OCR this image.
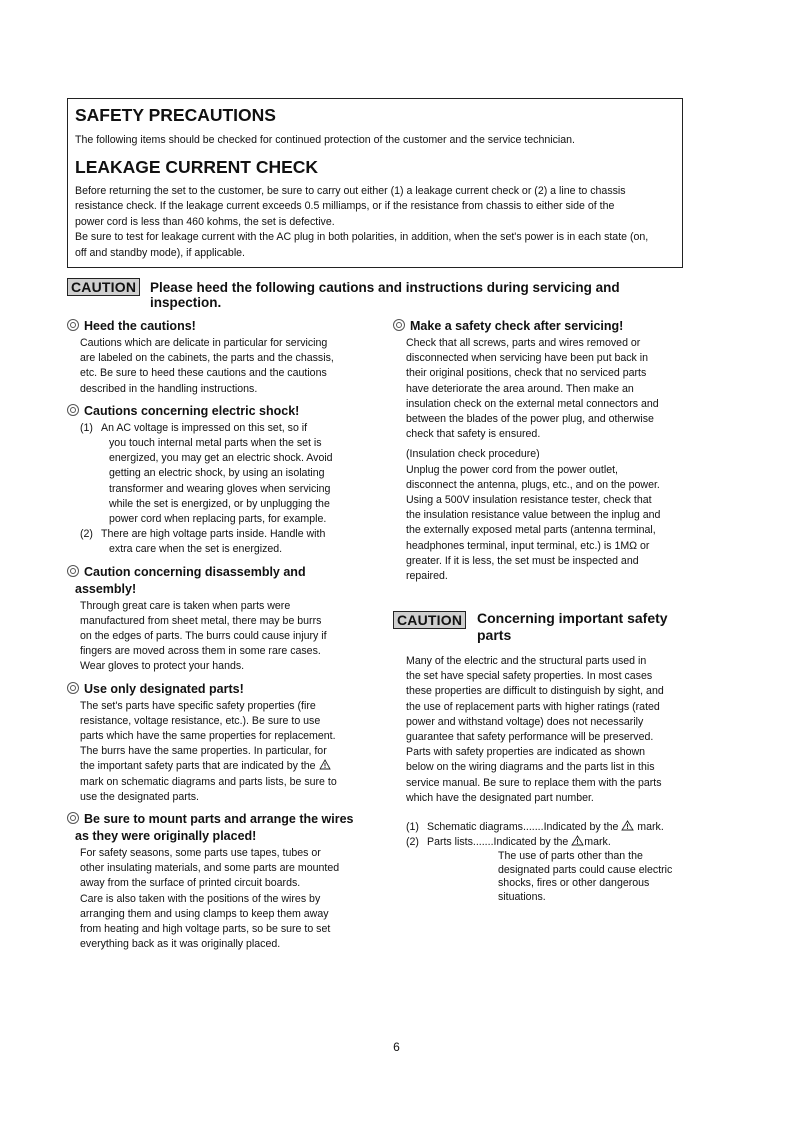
SAFETY PRECAUTIONS

The following items should be checked for continued protection of the customer and the service technician.

LEAKAGE CURRENT CHECK

Before returning the set to the customer, be sure to carry out either (1) a leakage current check or (2) a line to chassis
resistance check. If the leakage current exceeds 0.5 milliamps, or if the resistance from chassis to either side of the
power cord is less than 460 kohms, the set is defective.
Be sure to test for leakage current with the AC plug in both polarities, in addition, when the set's power is in each state (on,
off and standby mode), if applicable.

CAUTION Please heed the following cautions and instructions during servicing and inspection.
Heed the cautions!

Cautions which are delicate in particular for servicing

are labeled on the cabinets, the parts and the chassis,

etc. Be sure to heed these cautions and the cautions

described in the handling instructions.

Cautions concerning electric shock!
(1) An AC voltage is impressed on this set, so if
you touch internal metal parts when the set is
energized, you may get an electric shock. Avoid
getting an electric shock, by using an isolating
transformer and wearing gloves when servicing
while the set is energized, or by unplugging the
power cord when replacing parts, for example.
(2) There are high voltage parts inside. Handle with
extra care when the set is energized.
Caution concerning disassembly and
assembly!

Through great care is taken when parts were

manufactured from sheet metal, there may be burrs

on the edges of parts. The burrs could cause injury if

fingers are moved across them in some rare cases.

Wear gloves to protect your hands.

Use only designated parts!

The set's parts have specific safety properties (fire

resistance, voltage resistance, etc.). Be sure to use

parts which have the same properties for replacement.

The burrs have the same properties. In particular, for

the important safety parts that are indicated by the

mark on schematic diagrams and parts lists, be sure to

use the designated parts.

Be sure to mount parts and arrange the wires
as they were originally placed!

For safety seasons, some parts use tapes, tubes or

other insulating materials, and some parts are mounted

away from the surface of printed circuit boards.

Care is also taken with the positions of the wires by

arranging them and using clamps to keep them away

from heating and high voltage parts, so be sure to set

everything back as it was originally placed.

Make a safety check after servicing!

Check that all screws, parts and wires removed or

disconnected when servicing have been put back in

their original positions, check that no serviced parts

have deteriorate the area around. Then make an

insulation check on the external metal connectors and

between the blades of the power plug, and otherwise

check that safety is ensured.

(Insulation check procedure)

Unplug the power cord from the power outlet,

disconnect the antenna, plugs, etc., and on the power.

Using a 500V insulation resistance tester, check that

the insulation resistance value between the inplug and

the externally exposed metal parts (antenna terminal,

headphones terminal, input terminal, etc.) is 1MΩ or

greater. If it is less, the set must be inspected and

repaired.

CAUTION Concerning important safety
parts

Many of the electric and the structural parts used in

the set have special safety properties. In most cases

these properties are difficult to distinguish by sight, and

the use of replacement parts with higher ratings (rated

power and withstand voltage) does not necessarily

guarantee that safety performance will be preserved.

Parts with safety properties are indicated as shown

below on the wiring diagrams and the parts list in this

service manual. Be sure to replace them with the parts

which have the designated part number.

(1) Schematic diagrams.......Indicated by the mark.
(2) Parts lists.......Indicated by the mark.
The use of parts other than the
designated parts could cause electric
shocks, fires or other dangerous
situations.
6
